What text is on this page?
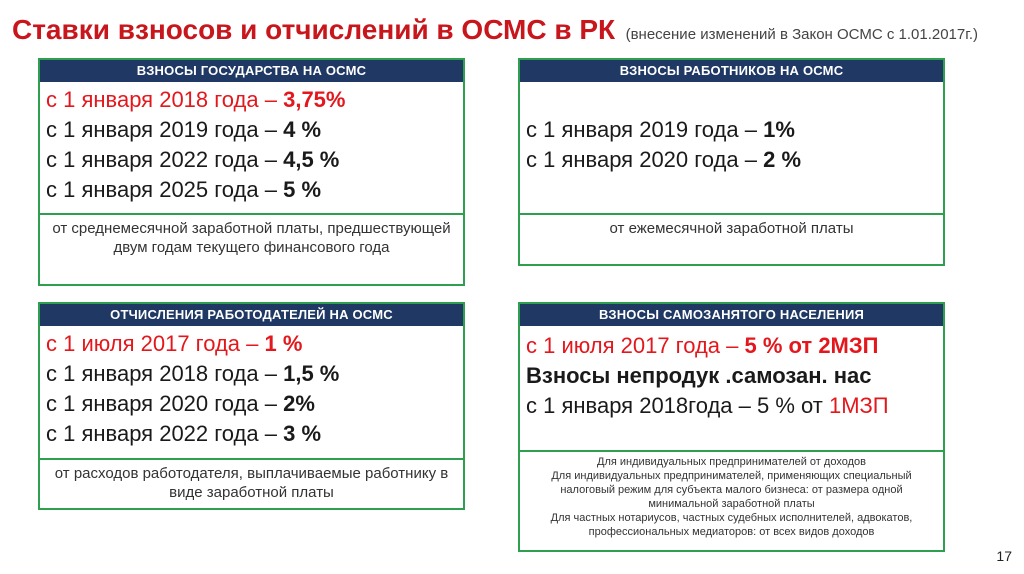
Ставки взносов и отчислений в ОСМС в РК (внесение изменений в Закон ОСМС с 1.01.2017г.)
ВЗНОСЫ ГОСУДАРСТВА НА ОСМС
с 1 января 2018 года – 3,75%
с 1 января 2019 года – 4 %
с 1 января 2022 года – 4,5 %
с 1 января 2025 года – 5 %
от среднемесячной заработной платы, предшествующей двум годам текущего финансового года
ВЗНОСЫ РАБОТНИКОВ НА ОСМС
с 1 января 2019 года – 1%
с 1 января 2020 года – 2 %
от ежемесячной заработной платы
ОТЧИСЛЕНИЯ РАБОТОДАТЕЛЕЙ НА ОСМС
с 1 июля 2017 года – 1 %
с 1 января 2018 года – 1,5 %
с 1 января 2020 года – 2%
с 1 января 2022 года – 3 %
от расходов работодателя, выплачиваемые работнику в виде заработной платы
ВЗНОСЫ САМОЗАНЯТОГО НАСЕЛЕНИЯ
с 1 июля 2017 года – 5 % от 2МЗП
Взносы непродук .самозан. нас
с 1 января 2018года – 5 % от 1МЗП
Для индивидуальных предпринимателей от доходов
Для индивидуальных предпринимателей, применяющих специальный налоговый режим для субъекта малого бизнеса: от размера одной минимальной заработной платы
Для частных нотариусов, частных судебных исполнителей, адвокатов, профессиональных медиаторов: от всех видов доходов
17
